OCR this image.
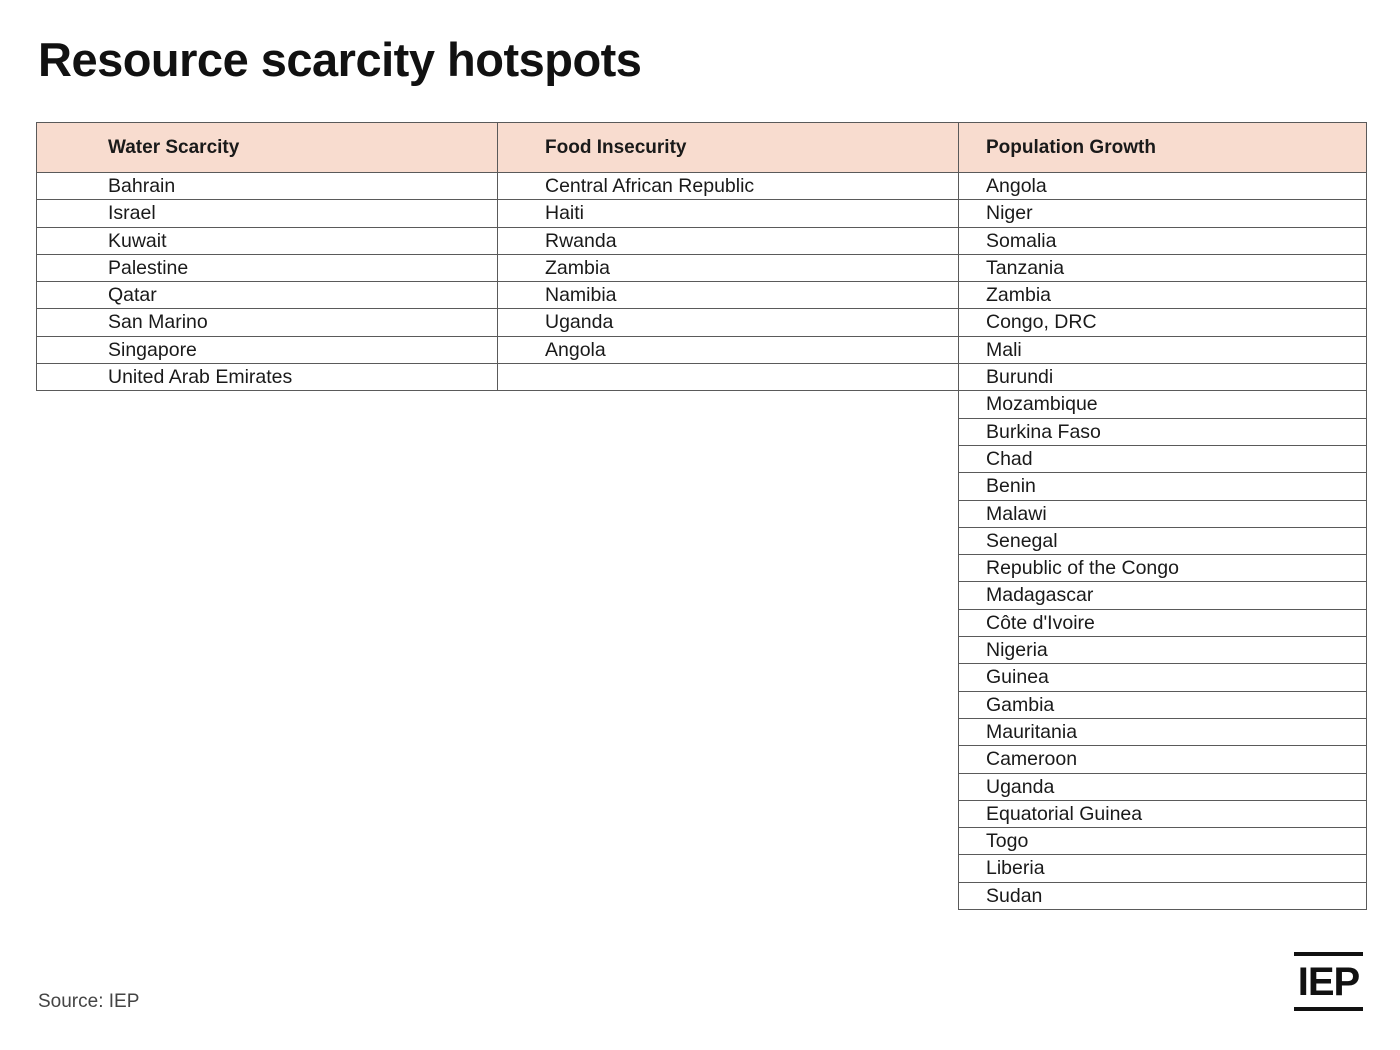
Resource scarcity hotspots
Water Scarcity
Bahrain
Israel
Kuwait
Palestine
Qatar
San Marino
Singapore
United Arab Emirates
Food Insecurity
Central African Republic
Haiti
Rwanda
Zambia
Namibia
Uganda
Angola
Population Growth
Angola
Niger
Somalia
Tanzania
Zambia
Congo, DRC
Mali
Burundi
Mozambique
Burkina Faso
Chad
Benin
Malawi
Senegal
Republic of the Congo
Madagascar
Côte d'Ivoire
Nigeria
Guinea
Gambia
Mauritania
Cameroon
Uganda
Equatorial Guinea
Togo
Liberia
Sudan
Source: IEP	IEP
